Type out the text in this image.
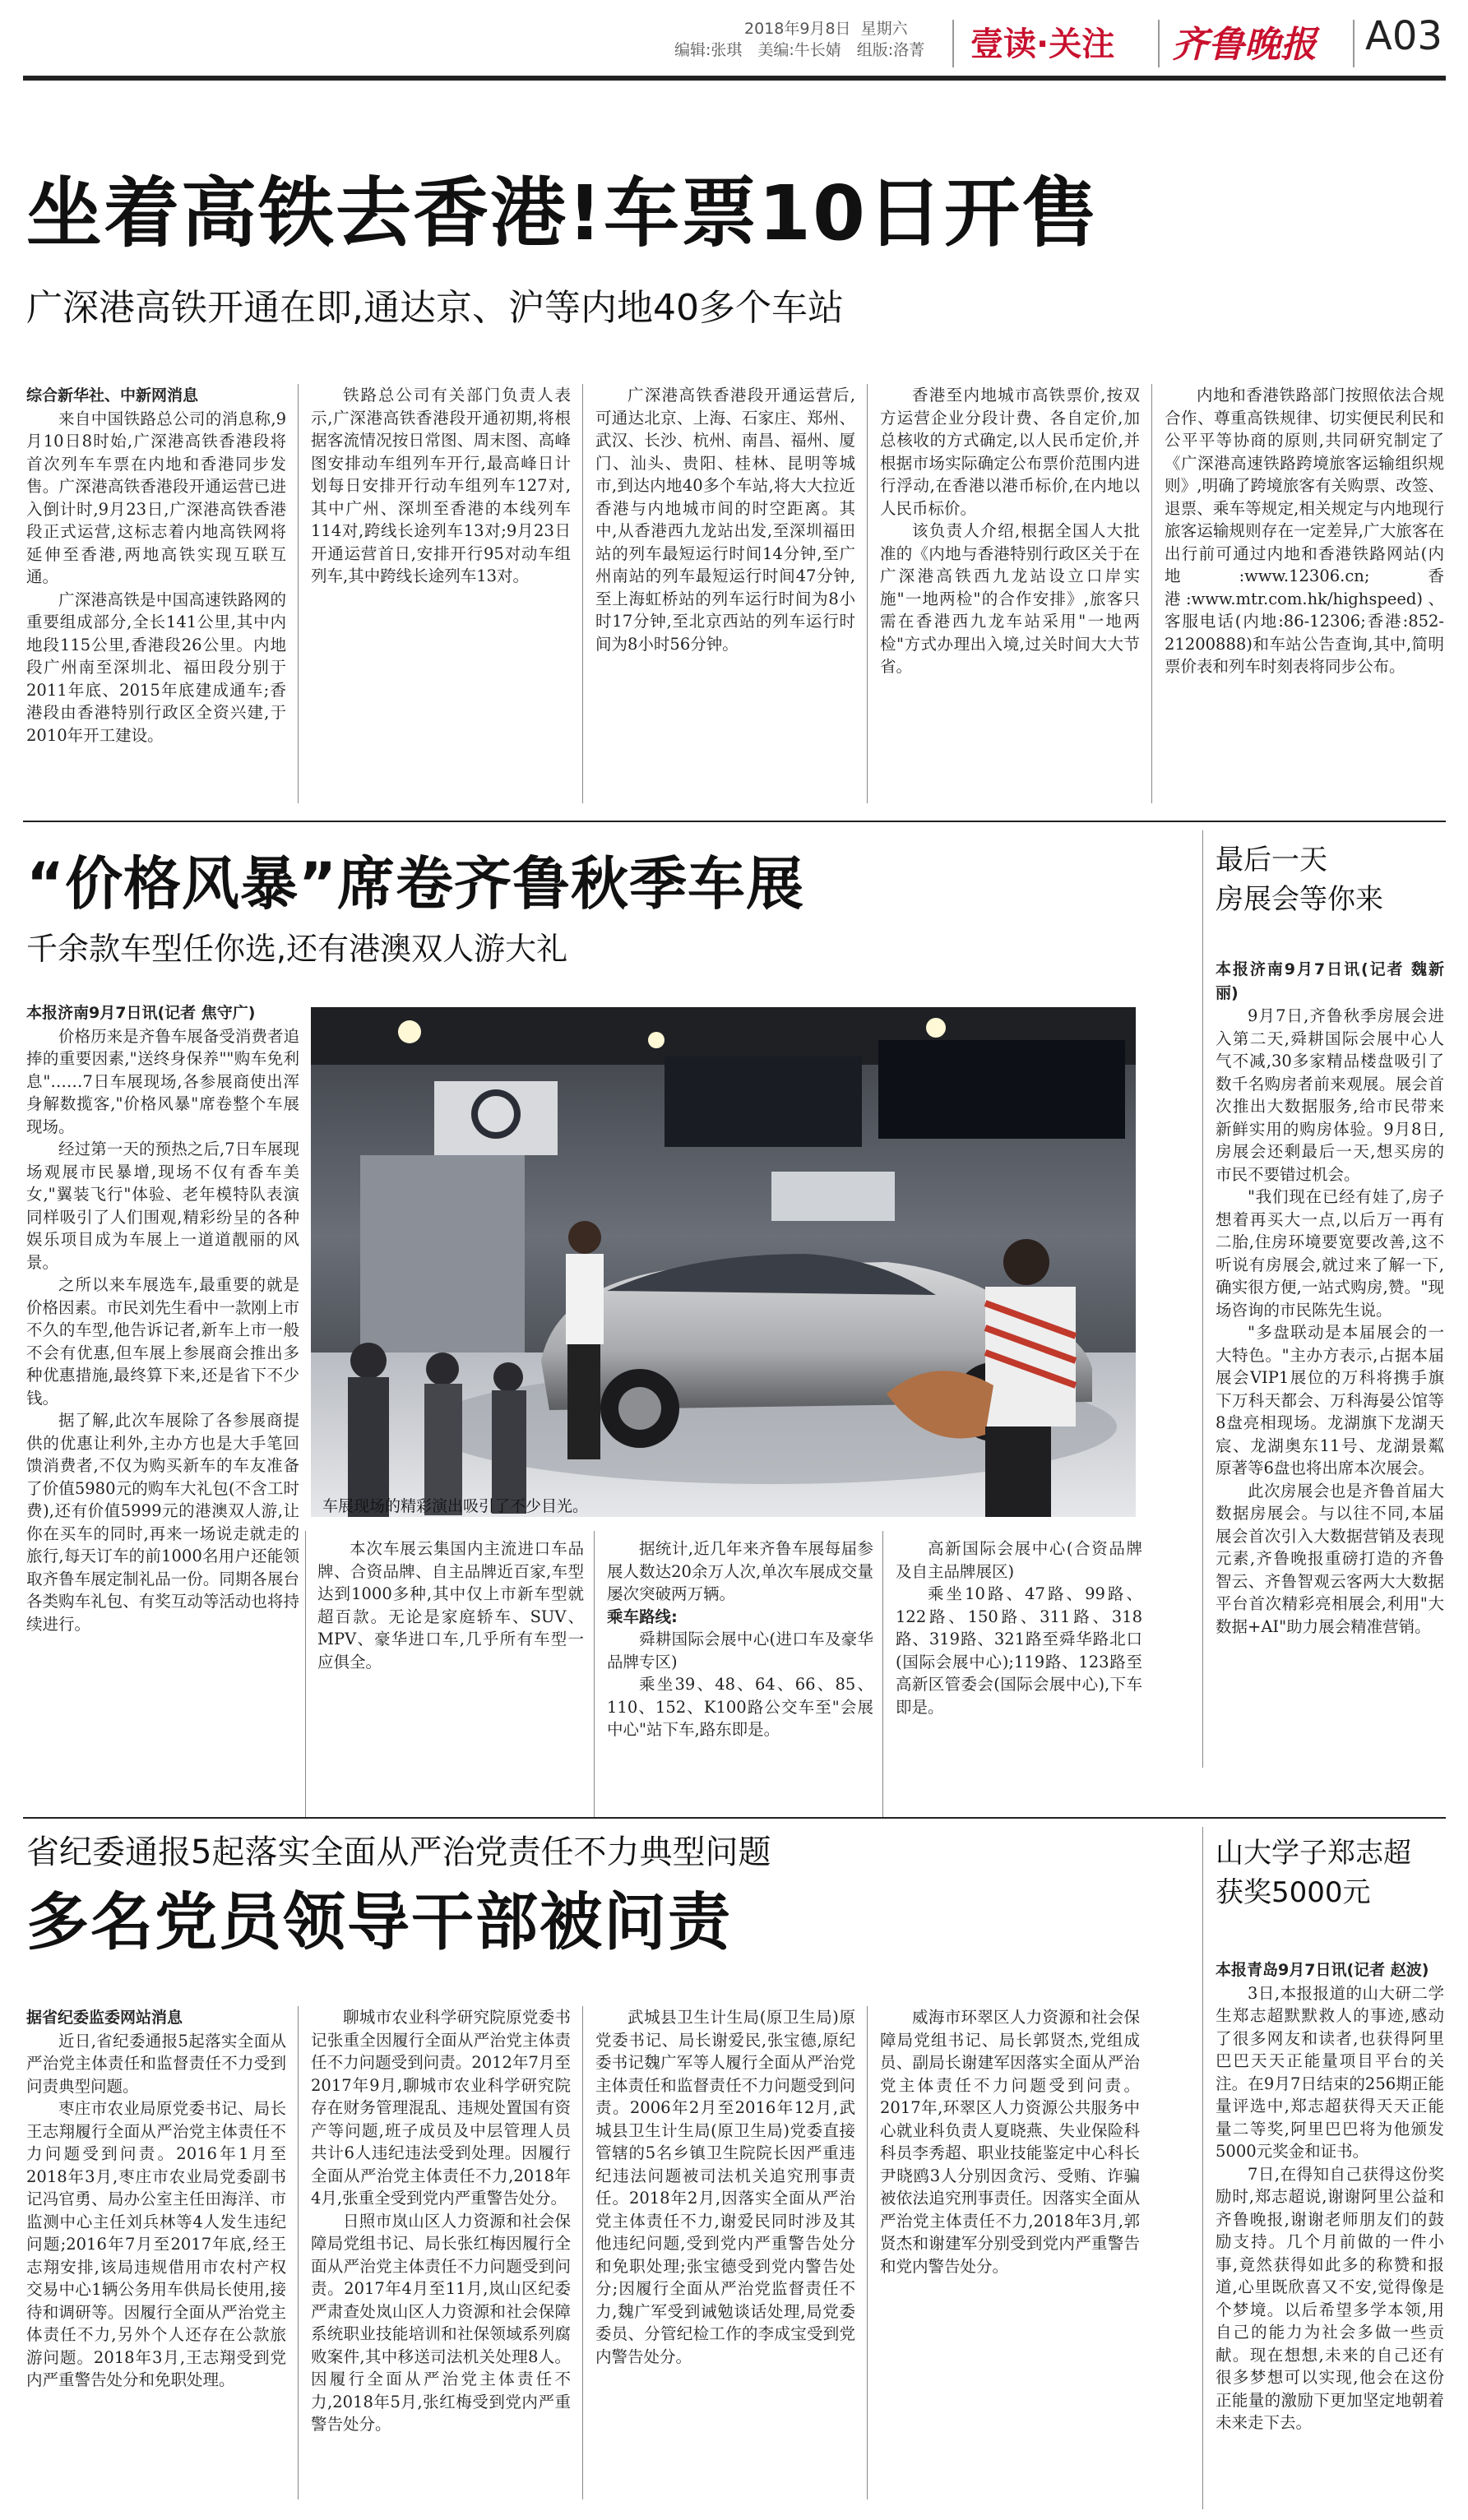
2018年9月8日 星期六
编辑:张琪　美编:牛长婧　组版:洛菁 壹读·关注 齐鲁晚报 A03
坐着高铁去香港!车票10日开售
广深港高铁开通在即,通达京、沪等内地40多个车站

综合新华社、中新网消息

来自中国铁路总公司的消息称,9月10日8时始,广深港高铁香港段将首次列车车票在内地和香港同步发售。广深港高铁香港段开通运营已进入倒计时,9月23日,广深港高铁香港段正式运营,这标志着内地高铁网将延伸至香港,两地高铁实现互联互通。

广深港高铁是中国高速铁路网的重要组成部分,全长141公里,其中内地段115公里,香港段26公里。内地段广州南至深圳北、福田段分别于2011年底、2015年底建成通车;香港段由香港特别行政区全资兴建,于2010年开工建设。

铁路总公司有关部门负责人表示,广深港高铁香港段开通初期,将根据客流情况按日常图、周末图、高峰图安排动车组列车开行,最高峰日计划每日安排开行动车组列车127对,其中广州、深圳至香港的本线列车114对,跨线长途列车13对;9月23日开通运营首日,安排开行95对动车组列车,其中跨线长途列车13对。

广深港高铁香港段开通运营后,可通达北京、上海、石家庄、郑州、武汉、长沙、杭州、南昌、福州、厦门、汕头、贵阳、桂林、昆明等城市,到达内地40多个车站,将大大拉近香港与内地城市间的时空距离。其中,从香港西九龙站出发,至深圳福田站的列车最短运行时间14分钟,至广州南站的列车最短运行时间47分钟,至上海虹桥站的列车运行时间为8小时17分钟,至北京西站的列车运行时间为8小时56分钟。

香港至内地城市高铁票价,按双方运营企业分段计费、各自定价,加总核收的方式确定,以人民币定价,并根据市场实际确定公布票价范围内进行浮动,在香港以港币标价,在内地以人民币标价。

该负责人介绍,根据全国人大批准的《内地与香港特别行政区关于在广深港高铁西九龙站设立口岸实施"一地两检"的合作安排》,旅客只需在香港西九龙车站采用"一地两检"方式办理出入境,过关时间大大节省。

内地和香港铁路部门按照依法合规合作、尊重高铁规律、切实便民利民和公平平等协商的原则,共同研究制定了《广深港高速铁路跨境旅客运输组织规则》,明确了跨境旅客有关购票、改签、退票、乘车等规定,相关规定与内地现行旅客运输规则存在一定差异,广大旅客在出行前可通过内地和香港铁路网站(内地:www.12306.cn;香港:www.mtr.com.hk/highspeed)、客服电话(内地:86-12306;香港:852-21200888)和车站公告查询,其中,简明票价表和列车时刻表将同步公布。

“价格风暴”席卷齐鲁秋季车展
千余款车型任你选,还有港澳双人游大礼

本报济南9月7日讯(记者 焦守广)

价格历来是齐鲁车展备受消费者追捧的重要因素,"送终身保养""购车免利息"……7日车展现场,各参展商使出浑身解数揽客,"价格风暴"席卷整个车展现场。

经过第一天的预热之后,7日车展现场观展市民暴增,现场不仅有香车美女,"翼装飞行"体验、老年模特队表演同样吸引了人们围观,精彩纷呈的各种娱乐项目成为车展上一道道靓丽的风景。

之所以来车展选车,最重要的就是价格因素。市民刘先生看中一款刚上市不久的车型,他告诉记者,新车上市一般不会有优惠,但车展上参展商会推出多种优惠措施,最终算下来,还是省下不少钱。

据了解,此次车展除了各参展商提供的优惠让利外,主办方也是大手笔回馈消费者,不仅为购买新车的车友准备了价值5980元的购车大礼包(不含工时费),还有价值5999元的港澳双人游,让你在买车的同时,再来一场说走就走的旅行,每天订车的前1000名用户还能领取齐鲁车展定制礼品一份。同期各展台各类购车礼包、有奖互动等活动也将持续进行。

车展现场的精彩演出吸引了不少目光。

本次车展云集国内主流进口车品牌、合资品牌、自主品牌近百家,车型达到1000多种,其中仅上市新车型就超百款。无论是家庭轿车、SUV、MPV、豪华进口车,几乎所有车型一应俱全。

据统计,近几年来齐鲁车展每届参展人数达20余万人次,单次车展成交量屡次突破两万辆。

乘车路线:

舜耕国际会展中心(进口车及豪华品牌专区)

乘坐39、48、64、66、85、110、152、K100路公交车至"会展中心"站下车,路东即是。

高新国际会展中心(合资品牌及自主品牌展区)

乘坐10路、47路、99路、122路、150路、311路、318路、319路、321路至舜华路北口(国际会展中心);119路、123路至高新区管委会(国际会展中心),下车即是。

最后一天
房展会等你来

本报济南9月7日讯(记者 魏新丽)

9月7日,齐鲁秋季房展会进入第二天,舜耕国际会展中心人气不减,30多家精品楼盘吸引了数千名购房者前来观展。展会首次推出大数据服务,给市民带来新鲜实用的购房体验。9月8日,房展会还剩最后一天,想买房的市民不要错过机会。

"我们现在已经有娃了,房子想着再买大一点,以后万一再有二胎,住房环境要宽要改善,这不听说有房展会,就过来了解一下,确实很方便,一站式购房,赞。"现场咨询的市民陈先生说。

"多盘联动是本届展会的一大特色。"主办方表示,占据本届展会VIP1展位的万科将携手旗下万科天都会、万科海晏公馆等8盘亮相现场。龙湖旗下龙湖天宸、龙湖奥东11号、龙湖景粼原著等6盘也将出席本次展会。

此次房展会也是齐鲁首届大数据房展会。与以往不同,本届展会首次引入大数据营销及表现元素,齐鲁晚报重磅打造的齐鲁智云、齐鲁智观云客两大大数据平台首次精彩亮相展会,利用"大数据+AI"助力展会精准营销。

省纪委通报5起落实全面从严治党责任不力典型问题
多名党员领导干部被问责

据省纪委监委网站消息

近日,省纪委通报5起落实全面从严治党主体责任和监督责任不力受到问责典型问题。

枣庄市农业局原党委书记、局长王志翔履行全面从严治党主体责任不力问题受到问责。2016年1月至2018年3月,枣庄市农业局党委副书记冯官勇、局办公室主任田海洋、市监测中心主任刘兵林等4人发生违纪问题;2016年7月至2017年底,经王志翔安排,该局违规借用市农村产权交易中心1辆公务用车供局长使用,接待和调研等。因履行全面从严治党主体责任不力,另外个人还存在公款旅游问题。2018年3月,王志翔受到党内严重警告处分和免职处理。

聊城市农业科学研究院原党委书记张重全因履行全面从严治党主体责任不力问题受到问责。2012年7月至2017年9月,聊城市农业科学研究院存在财务管理混乱、违规处置国有资产等问题,班子成员及中层管理人员共计6人违纪违法受到处理。因履行全面从严治党主体责任不力,2018年4月,张重全受到党内严重警告处分。

日照市岚山区人力资源和社会保障局党组书记、局长张红梅因履行全面从严治党主体责任不力问题受到问责。2017年4月至11月,岚山区纪委严肃查处岚山区人力资源和社会保障系统职业技能培训和社保领域系列腐败案件,其中移送司法机关处理8人。因履行全面从严治党主体责任不力,2018年5月,张红梅受到党内严重警告处分。

武城县卫生计生局(原卫生局)原党委书记、局长谢爱民,张宝德,原纪委书记魏广军等人履行全面从严治党主体责任和监督责任不力问题受到问责。2006年2月至2016年12月,武城县卫生计生局(原卫生局)党委直接管辖的5名乡镇卫生院院长因严重违纪违法问题被司法机关追究刑事责任。2018年2月,因落实全面从严治党主体责任不力,谢爱民同时涉及其他违纪问题,受到党内严重警告处分和免职处理;张宝德受到党内警告处分;因履行全面从严治党监督责任不力,魏广军受到诫勉谈话处理,局党委委员、分管纪检工作的李成宝受到党内警告处分。

威海市环翠区人力资源和社会保障局党组书记、局长郭贤杰,党组成员、副局长谢建军因落实全面从严治党主体责任不力问题受到问责。2017年,环翠区人力资源公共服务中心就业科负责人夏晓燕、失业保险科科员李秀超、职业技能鉴定中心科长尹晓鸥3人分别因贪污、受贿、诈骗被依法追究刑事责任。因落实全面从严治党主体责任不力,2018年3月,郭贤杰和谢建军分别受到党内严重警告和党内警告处分。

山大学子郑志超
获奖5000元

本报青岛9月7日讯(记者 赵波)

3日,本报报道的山大研二学生郑志超默默救人的事迹,感动了很多网友和读者,也获得阿里巴巴天天正能量项目平台的关注。在9月7日结束的256期正能量评选中,郑志超获得天天正能量二等奖,阿里巴巴将为他颁发5000元奖金和证书。

7日,在得知自己获得这份奖励时,郑志超说,谢谢阿里公益和齐鲁晚报,谢谢老师朋友们的鼓励支持。几个月前做的一件小事,竟然获得如此多的称赞和报道,心里既欣喜又不安,觉得像是个梦境。以后希望多学本领,用自己的能力为社会多做一些贡献。现在想想,未来的自己还有很多梦想可以实现,他会在这份正能量的激励下更加坚定地朝着未来走下去。
